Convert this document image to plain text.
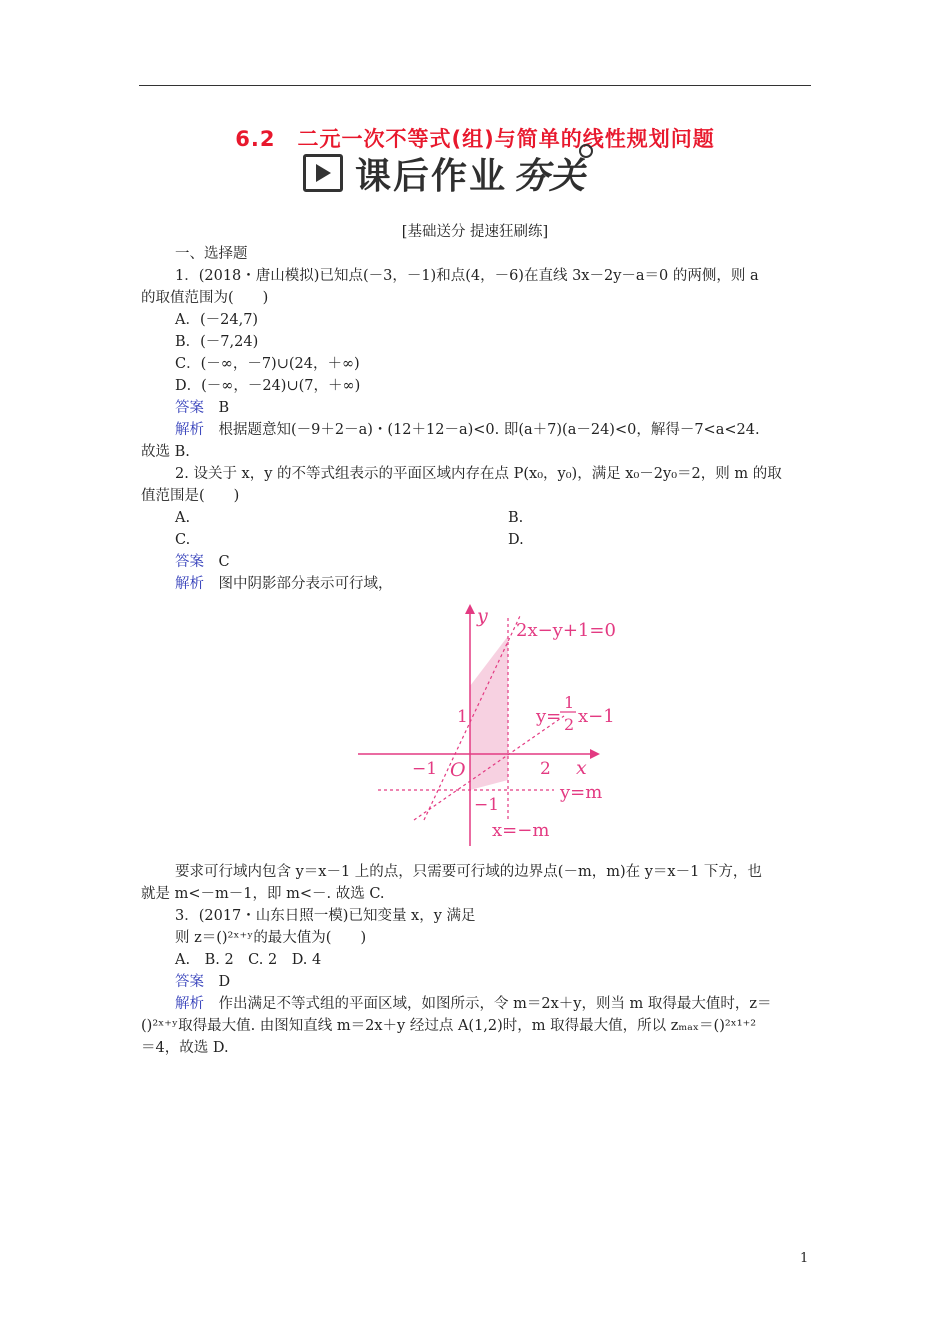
6.2　二元一次不等式(组)与简单的线性规划问题
课后作业 夯关
[基础送分 提速狂刷练]
一、选择题
1．(2018・唐山模拟)已知点(－3，－1)和点(4，－6)在直线 3x－2y－a＝0 的两侧，则 a
的取值范围为(　　)
A．(－24,7)
B．(－7,24)
C．(－∞，－7)∪(24，＋∞)
D．(－∞，－24)∪(7，＋∞)
答案　 B
解析　 根据题意知(－9＋2－a)・(12＋12－a)<0. 即(a＋7)(a－24)<0，解得－7<a<24.
故选 B.
2. 设关于 x，y 的不等式组表示的平面区域内存在点 P(x₀，y₀)，满足 x₀－2y₀＝2，则 m 的取
值范围是(　　)
A.	B.
C.	D.
答案　 C
解析　 图中阴影部分表示可行域，
y
x
2x−y+1=0
y=
1
2 x−1
y=m
x=−m
O
1
−1	2
−1
要求可行域内包含 y＝x－1 上的点，只需要可行域的边界点(－m，m)在 y＝x－1 下方，也
就是 m<－m－1，即 m<－. 故选 C.
3．(2017・山东日照一模)已知变量 x，y 满足
则 z＝()²ˣ⁺ʸ的最大值为(　　)
A.　B. 2　C. 2　D. 4
答案　 D
解析　 作出满足不等式组的平面区域，如图所示，令 m＝2x＋y，则当 m 取得最大值时，z＝
()²ˣ⁺ʸ取得最大值. 由图知直线 m＝2x＋y 经过点 A(1,2)时，m 取得最大值，所以 zₘₐₓ＝()²ˣ¹⁺²
＝4，故选 D.
1
